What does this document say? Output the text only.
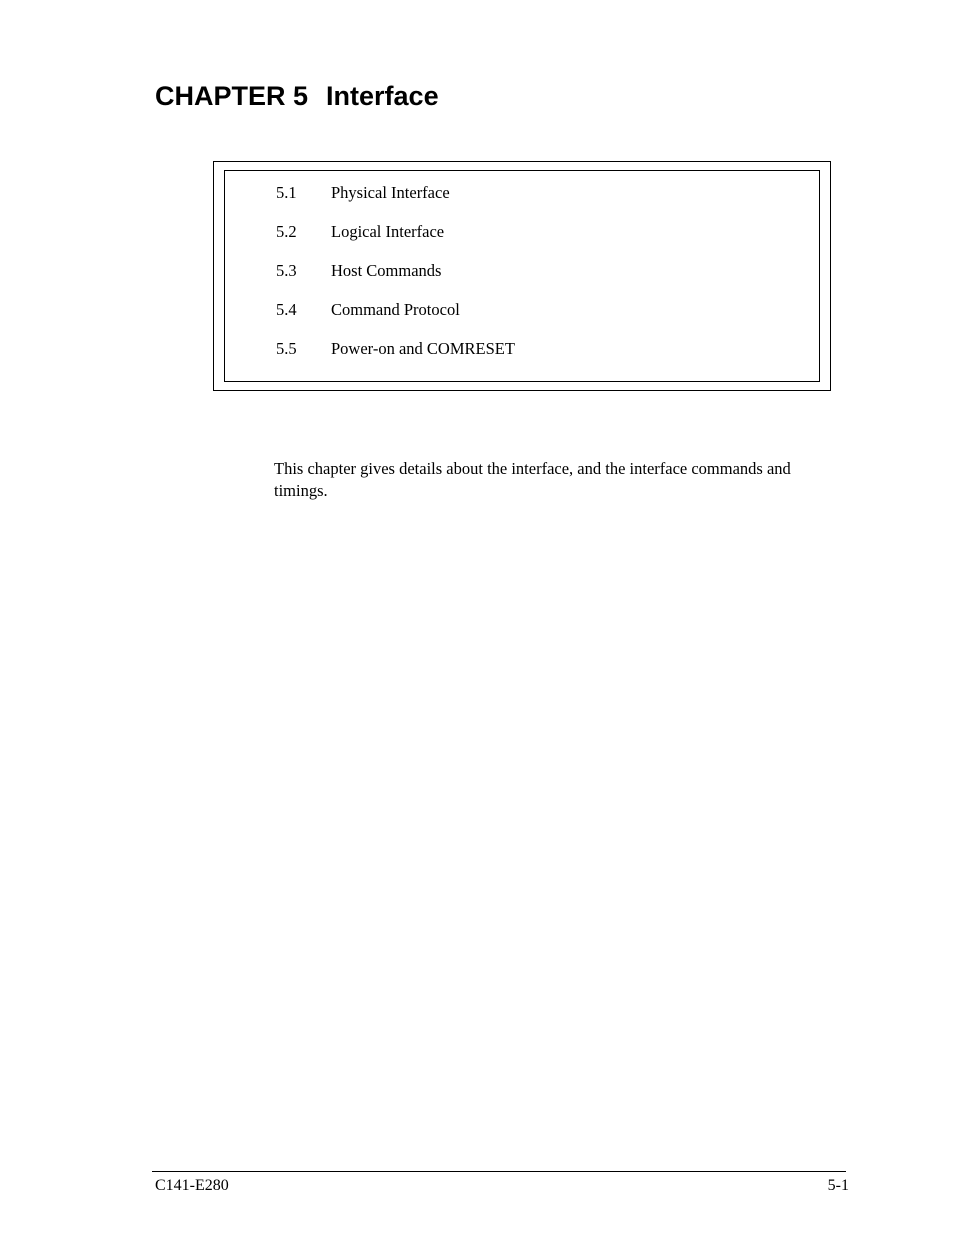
CHAPTER 5 Interface
5.1 Physical Interface
5.2 Logical Interface
5.3 Host Commands
5.4 Command Protocol
5.5 Power-on and COMRESET

This chapter gives details about the interface, and the interface commands and timings.

C141-E280	5-1
